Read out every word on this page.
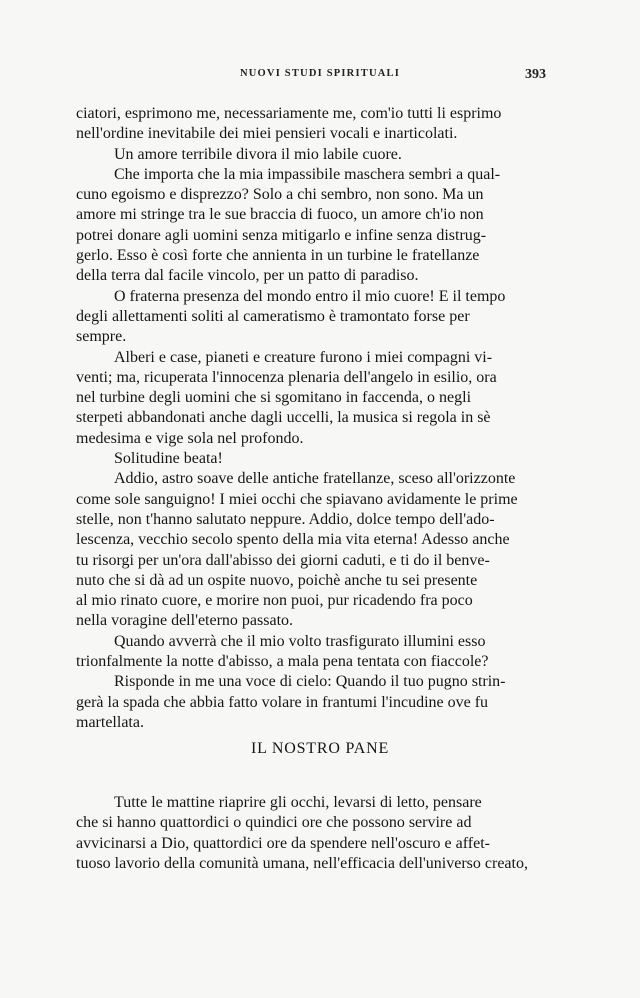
NUOVI STUDI SPIRITUALI	393
ciatori, esprimono me, necessariamente me, com'io tutti li esprimo
nell'ordine inevitabile dei miei pensieri vocali e inarticolati.
Un amore terribile divora il mio labile cuore.
Che importa che la mia impassibile maschera sembri a qual-
cuno egoismo e disprezzo? Solo a chi sembro, non sono. Ma un
amore mi stringe tra le sue braccia di fuoco, un amore ch'io non
potrei donare agli uomini senza mitigarlo e infine senza distrug-
gerlo. Esso è così forte che annienta in un turbine le fratellanze
della terra dal facile vincolo, per un patto di paradiso.
O fraterna presenza del mondo entro il mio cuore! E il tempo
degli allettamenti soliti al cameratismo è tramontato forse per
sempre.
Alberi e case, pianeti e creature furono i miei compagni vi-
venti; ma, ricuperata l'innocenza plenaria dell'angelo in esilio, ora
nel turbine degli uomini che si sgomitano in faccenda, o negli
sterpeti abbandonati anche dagli uccelli, la musica si regola in sè
medesima e vige sola nel profondo.
Solitudine beata!
Addio, astro soave delle antiche fratellanze, sceso all'orizzonte
come sole sanguigno! I miei occhi che spiavano avidamente le prime
stelle, non t'hanno salutato neppure. Addio, dolce tempo dell'ado-
lescenza, vecchio secolo spento della mia vita eterna! Adesso anche
tu risorgi per un'ora dall'abisso dei giorni caduti, e ti do il benve-
nuto che si dà ad un ospite nuovo, poichè anche tu sei presente
al mio rinato cuore, e morire non puoi, pur ricadendo fra poco
nella voragine dell'eterno passato.
Quando avverrà che il mio volto trasfigurato illumini esso
trionfalmente la notte d'abisso, a mala pena tentata con fiaccole?
Risponde in me una voce di cielo: Quando il tuo pugno strin-
gerà la spada che abbia fatto volare in frantumi l'incudine ove fu
martellata.
IL NOSTRO PANE
Tutte le mattine riaprire gli occhi, levarsi di letto, pensare
che si hanno quattordici o quindici ore che possono servire ad
avvicinarsi a Dio, quattordici ore da spendere nell'oscuro e affet-
tuoso lavorio della comunità umana, nell'efficacia dell'universo creato,
